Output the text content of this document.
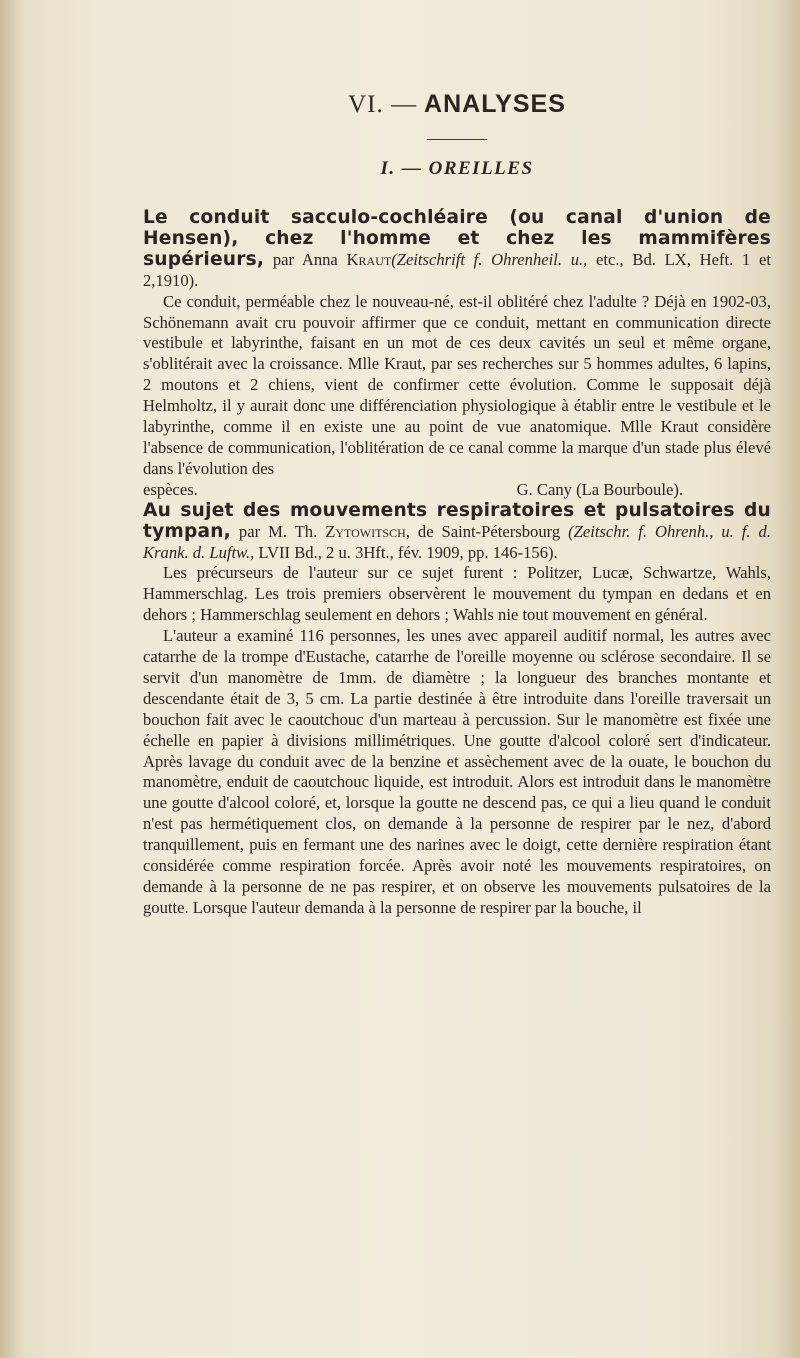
VI. — ANALYSES
I. — OREILLES

Le conduit sacculo-cochléaire (ou canal d'union de Hensen), chez l'homme et chez les mammifères supérieurs, par Anna Kraut(Zeitschrift f. Ohrenheil. u., etc., Bd. LX, Heft. 1 et 2,1910).

Ce conduit, perméable chez le nouveau-né, est-il oblitéré chez l'adulte ? Déjà en 1902-03, Schönemann avait cru pouvoir affirmer que ce conduit, mettant en communication directe vestibule et labyrinthe, faisant en un mot de ces deux cavités un seul et même organe, s'oblitérait avec la croissance. Mlle Kraut, par ses recherches sur 5 hommes adultes, 6 lapins, 2 moutons et 2 chiens, vient de confirmer cette évolution. Comme le supposait déjà Helmholtz, il y aurait donc une différenciation physiologique à établir entre le vestibule et le labyrinthe, comme il en existe une au point de vue anatomique. Mlle Kraut considère l'absence de communication, l'oblitération de ce canal comme la marque d'un stade plus élevé dans l'évolution des

espèces.	G. Cany (La Bourboule).

Au sujet des mouvements respiratoires et pulsatoires du tympan, par M. Th. Zytowitsch, de Saint-Pétersbourg (Zeitschr. f. Ohrenh., u. f. d. Krank. d. Luftw., LVII Bd., 2 u. 3Hft., fév. 1909, pp. 146-156).

Les précurseurs de l'auteur sur ce sujet furent : Politzer, Lucæ, Schwartze, Wahls, Hammerschlag. Les trois premiers observèrent le mouvement du tympan en dedans et en dehors ; Hammerschlag seulement en dehors ; Wahls nie tout mouvement en général.

L'auteur a examiné 116 personnes, les unes avec appareil auditif normal, les autres avec catarrhe de la trompe d'Eustache, catarrhe de l'oreille moyenne ou sclérose secondaire. Il se servit d'un manomètre de 1mm. de diamètre ; la longueur des branches montante et descendante était de 3, 5 cm. La partie destinée à être introduite dans l'oreille traversait un bouchon fait avec le caoutchouc d'un marteau à percussion. Sur le manomètre est fixée une échelle en papier à divisions millimétriques. Une goutte d'alcool coloré sert d'indicateur. Après lavage du conduit avec de la benzine et assèchement avec de la ouate, le bouchon du manomètre, enduit de caoutchouc liquide, est introduit. Alors est introduit dans le manomètre une goutte d'alcool coloré, et, lorsque la goutte ne descend pas, ce qui a lieu quand le conduit n'est pas hermétiquement clos, on demande à la personne de respirer par le nez, d'abord tranquillement, puis en fermant une des narines avec le doigt, cette dernière respiration étant considérée comme respiration forcée. Après avoir noté les mouvements respiratoires, on demande à la personne de ne pas respirer, et on observe les mouvements pulsatoires de la goutte. Lorsque l'auteur demanda à la personne de respirer par la bouche, il
